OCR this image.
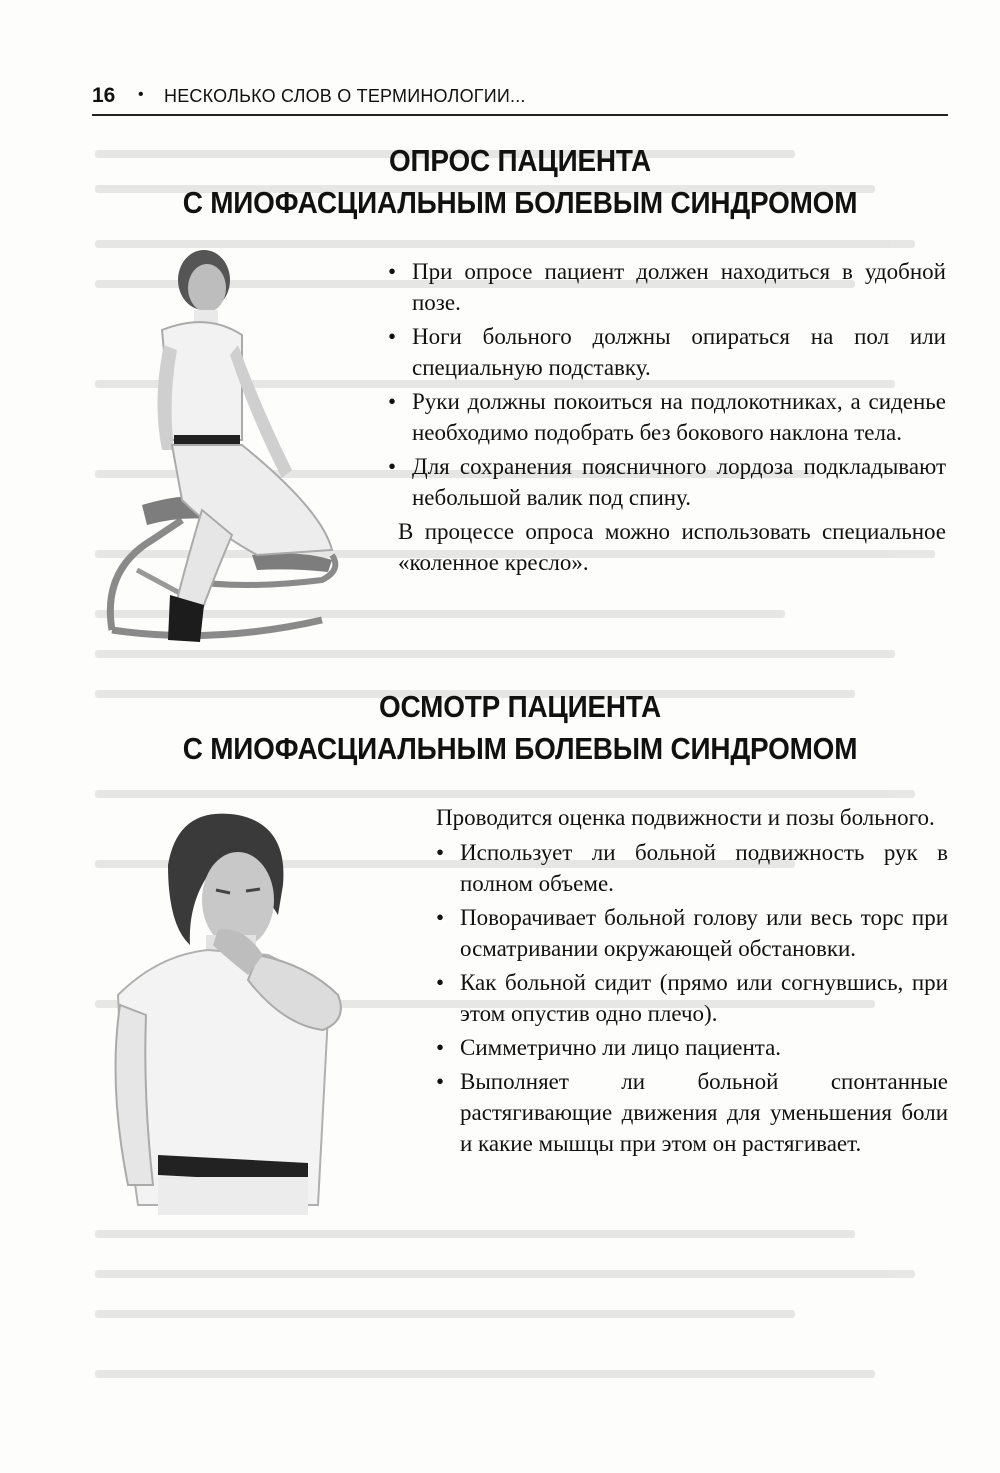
16 • НЕСКОЛЬКО СЛОВ О ТЕРМИНОЛОГИИ...
ОПРОС ПАЦИЕНТА
С МИОФАСЦИАЛЬНЫМ БОЛЕВЫМ СИНДРОМОМ
• При опросе пациент должен находиться в удобной позе.
• Ноги больного должны опираться на пол или специальную подставку.
• Руки должны покоиться на подлокотниках, а сиденье необходимо подобрать без бокового наклона тела.
• Для сохранения поясничного лордоза подкладывают небольшой валик под спину.

В процессе опроса можно использовать специальное «коленное кресло».

ОСМОТР ПАЦИЕНТА
С МИОФАСЦИАЛЬНЫМ БОЛЕВЫМ СИНДРОМОМ

Проводится оценка подвижности и позы больного.

• Использует ли больной подвижность рук в полном объеме.
• Поворачивает больной голову или весь торс при осматривании окружающей обстановки.
• Как больной сидит (прямо или согнувшись, при этом опустив одно плечо).
• Симметрично ли лицо пациента.
• Выполняет ли больной спонтанные растягивающие движения для уменьшения боли и какие мышцы при этом он растягивает.
